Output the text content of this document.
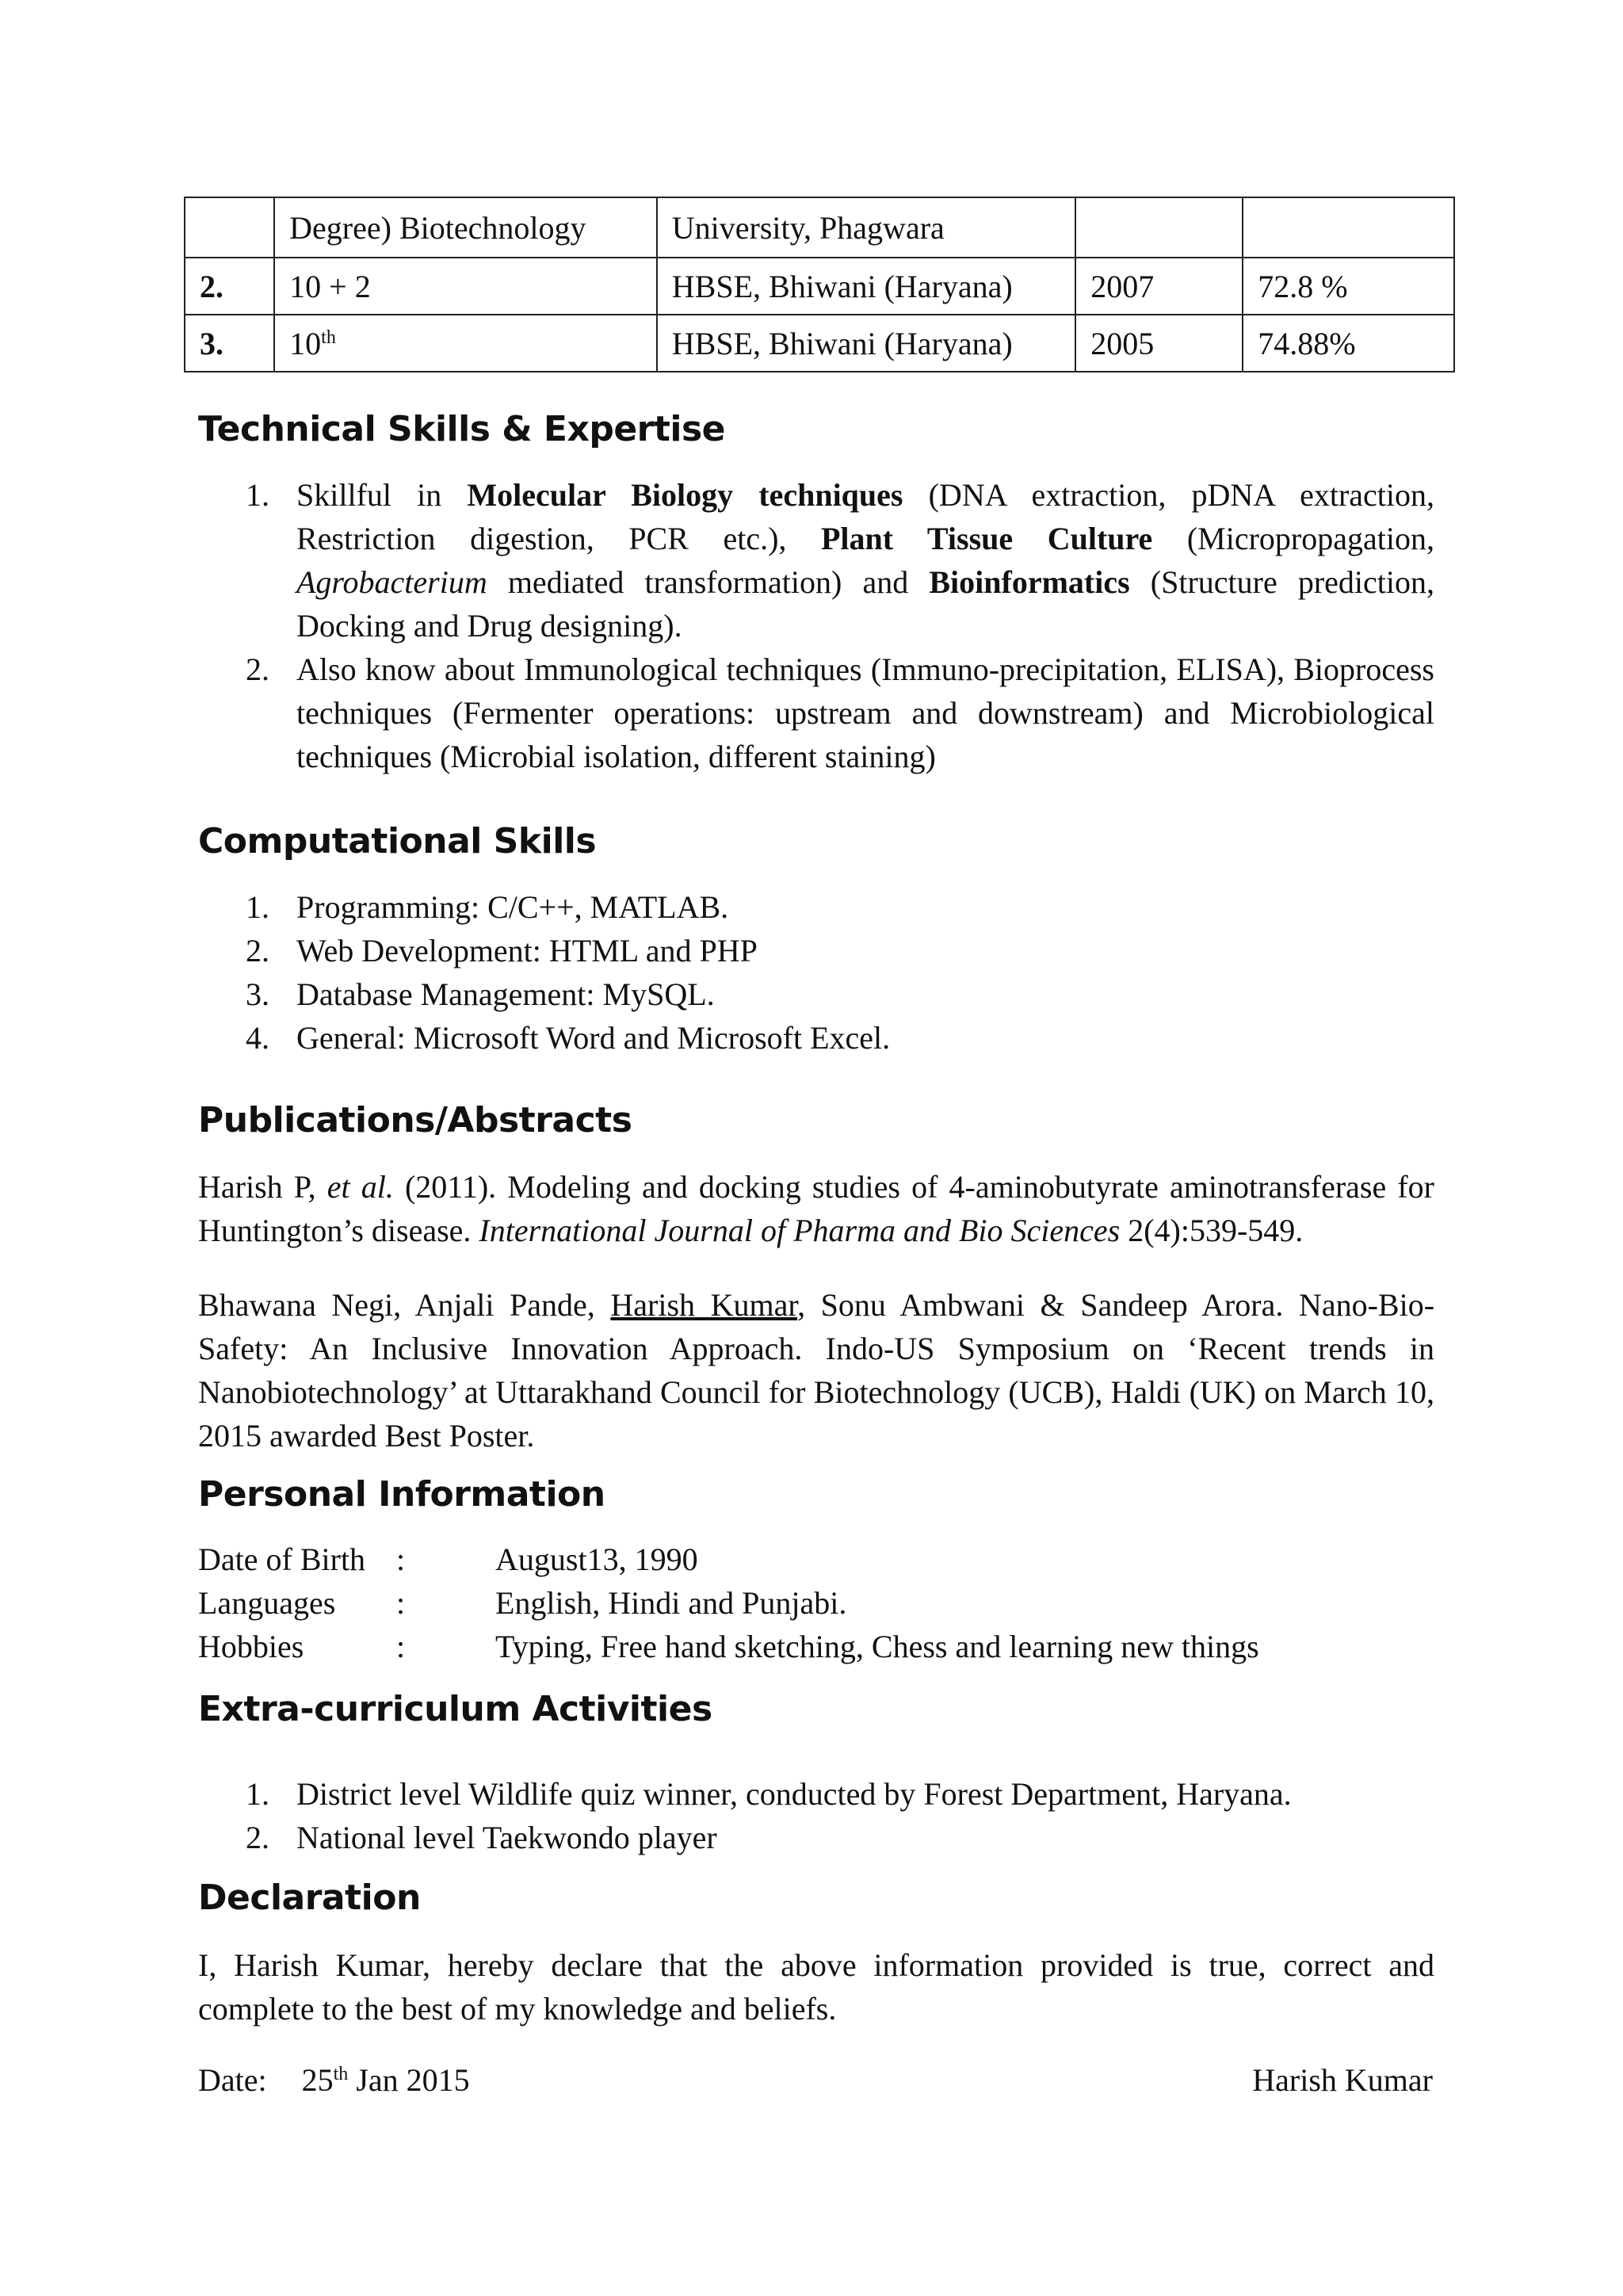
	Degree) Biotechnology	University, Phagwara		
2.	10 + 2	HBSE, Bhiwani (Haryana)	2007	72.8 %
3.	10th	HBSE, Bhiwani (Haryana)	2005	74.88%
Technical Skills & Expertise
1. Skillful in Molecular Biology techniques (DNA extraction, pDNA extraction, Restriction digestion, PCR etc.), Plant Tissue Culture (Micropropagation, Agrobacterium mediated transformation) and Bioinformatics (Structure prediction, Docking and Drug designing).
2. Also know about Immunological techniques (Immuno-precipitation, ELISA), Bioprocess techniques (Fermenter operations: upstream and downstream) and Microbiological techniques (Microbial isolation, different staining)
Computational Skills
1. Programming: C/C++, MATLAB.
2. Web Development: HTML and PHP
3. Database Management: MySQL.
4. General: Microsoft Word and Microsoft Excel.
Publications/Abstracts
Harish P, et al. (2011). Modeling and docking studies of 4-aminobutyrate aminotransferase for Huntington’s disease. International Journal of Pharma and Bio Sciences 2(4):539-549.
Bhawana Negi, Anjali Pande, Harish Kumar, Sonu Ambwani & Sandeep Arora. Nano-Bio-Safety: An Inclusive Innovation Approach. Indo-US Symposium on ‘Recent trends in Nanobiotechnology’ at Uttarakhand Council for Biotechnology (UCB), Haldi (UK) on March 10, 2015 awarded Best Poster.
Personal Information
Date of Birth :	August13, 1990
Languages	:	English, Hindi and Punjabi.
Hobbies	:	Typing, Free hand sketching, Chess and learning new things
Extra-curriculum Activities
1. District level Wildlife quiz winner, conducted by Forest Department, Haryana.
2. National level Taekwondo player
Declaration
I, Harish Kumar, hereby declare that the above information provided is true, correct and complete to the best of my knowledge and beliefs.
Date: 25th Jan 2015	Harish Kumar
